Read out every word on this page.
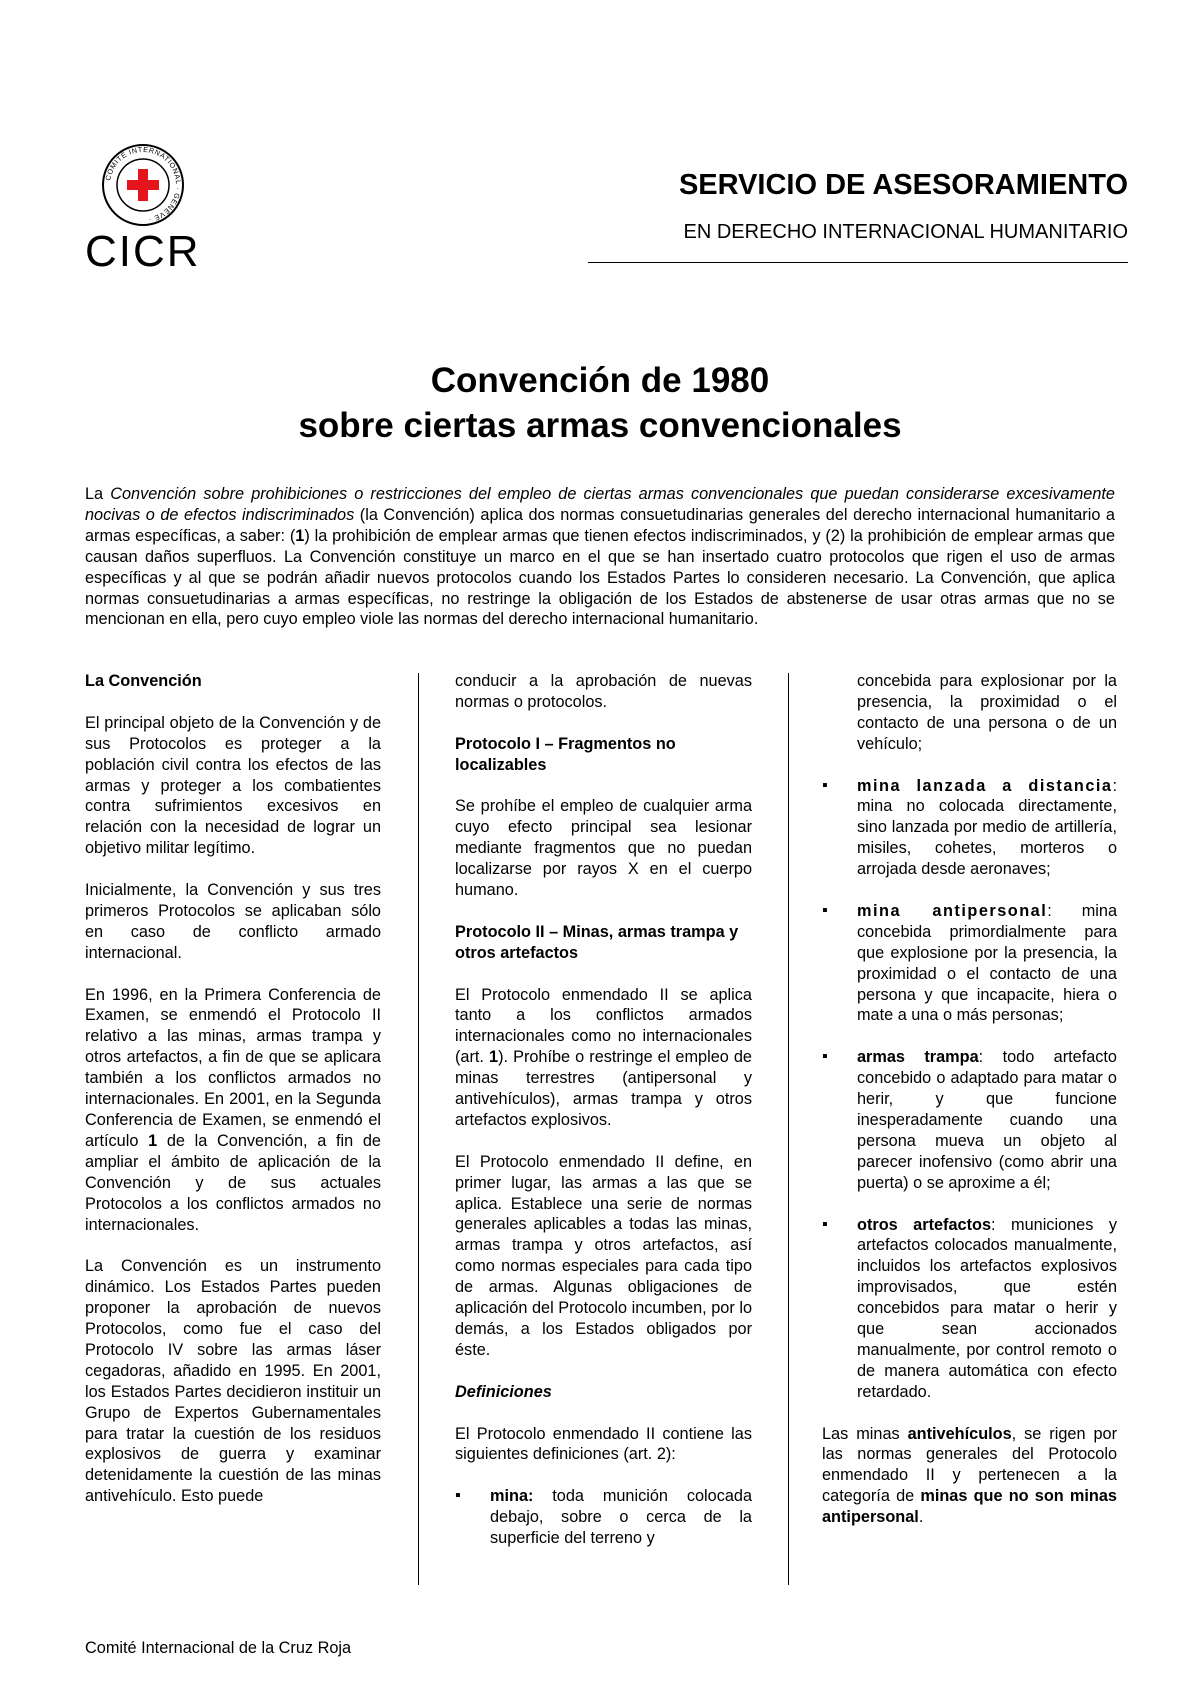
COMITÉ INTERNATIONAL · GENÈVE ·
CICR
SERVICIO DE ASESORAMIENTO
EN DERECHO INTERNACIONAL HUMANITARIO
Convención de 1980
sobre ciertas armas convencionales

La Convención sobre prohibiciones o restricciones del empleo de ciertas armas convencionales que puedan considerarse excesivamente nocivas o de efectos indiscriminados (la Convención) aplica dos normas consuetudinarias generales del derecho internacional humanitario a armas específicas, a saber: (1) la prohibición de emplear armas que tienen efectos indiscriminados, y (2) la prohibición de emplear armas que causan daños superfluos. La Convención constituye un marco en el que se han insertado cuatro protocolos que rigen el uso de armas específicas y al que se podrán añadir nuevos protocolos cuando los Estados Partes lo consideren necesario. La Convención, que aplica normas consuetudinarias a armas específicas, no restringe la obligación de los Estados de abstenerse de usar otras armas que no se mencionan en ella, pero cuyo empleo viole las normas del derecho internacional humanitario.

La Convención

El principal objeto de la Convención y de sus Protocolos es proteger a la población civil contra los efectos de las armas y proteger a los combatientes contra sufrimientos excesivos en relación con la necesidad de lograr un objetivo militar legítimo.

Inicialmente, la Convención y sus tres primeros Protocolos se aplicaban sólo en caso de conflicto armado internacional.

En 1996, en la Primera Conferencia de Examen, se enmendó el Protocolo II relativo a las minas, armas trampa y otros artefactos, a fin de que se aplicara también a los conflictos armados no internacionales. En 2001, en la Segunda Conferencia de Examen, se enmendó el artículo 1 de la Convención, a fin de ampliar el ámbito de aplicación de la Convención y de sus actuales Protocolos a los conflictos armados no internacionales.

La Convención es un instrumento dinámico. Los Estados Partes pueden proponer la aprobación de nuevos Protocolos, como fue el caso del Protocolo IV sobre las armas láser cegadoras, añadido en 1995. En 2001, los Estados Partes decidieron instituir un Grupo de Expertos Gubernamentales para tratar la cuestión de los residuos explosivos de guerra y examinar detenidamente la cuestión de las minas antivehículo. Esto puede

conducir a la aprobación de nuevas normas o protocolos.

Protocolo I – Fragmentos no localizables

Se prohíbe el empleo de cualquier arma cuyo efecto principal sea lesionar mediante fragmentos que no puedan localizarse por rayos X en el cuerpo humano.

Protocolo II – Minas, armas trampa y otros artefactos

El Protocolo enmendado II se aplica tanto a los conflictos armados internacionales como no internacionales (art. 1). Prohíbe o restringe el empleo de minas terrestres (antipersonal y antivehículos), armas trampa y otros artefactos explosivos.

El Protocolo enmendado II define, en primer lugar, las armas a las que se aplica. Establece una serie de normas generales aplicables a todas las minas, armas trampa y otros artefactos, así como normas especiales para cada tipo de armas. Algunas obligaciones de aplicación del Protocolo incumben, por lo demás, a los Estados obligados por éste.

Definiciones

El Protocolo enmendado II contiene las siguientes definiciones (art. 2):

▪ mina: toda munición colocada debajo, sobre o cerca de la superficie del terreno y
concebida para explosionar por la presencia, la proximidad o el contacto de una persona o de un vehículo;
▪ mina lanzada a distancia: mina no colocada directamente, sino lanzada por medio de artillería, misiles, cohetes, morteros o arrojada desde aeronaves;
▪ mina antipersonal: mina concebida primordialmente para que explosione por la presencia, la proximidad o el contacto de una persona y que incapacite, hiera o mate a una o más personas;
▪ armas trampa: todo artefacto concebido o adaptado para matar o herir, y que funcione inesperadamente cuando una persona mueva un objeto al parecer inofensivo (como abrir una puerta) o se aproxime a él;
▪ otros artefactos: municiones y artefactos colocados manualmente, incluidos los artefactos explosivos improvisados, que estén concebidos para matar o herir y que sean accionados manualmente, por control remoto o de manera automática con efecto retardado.

Las minas antivehículos, se rigen por las normas generales del Protocolo enmendado II y pertenecen a la categoría de minas que no son minas antipersonal.

Comité Internacional de la Cruz Roja
